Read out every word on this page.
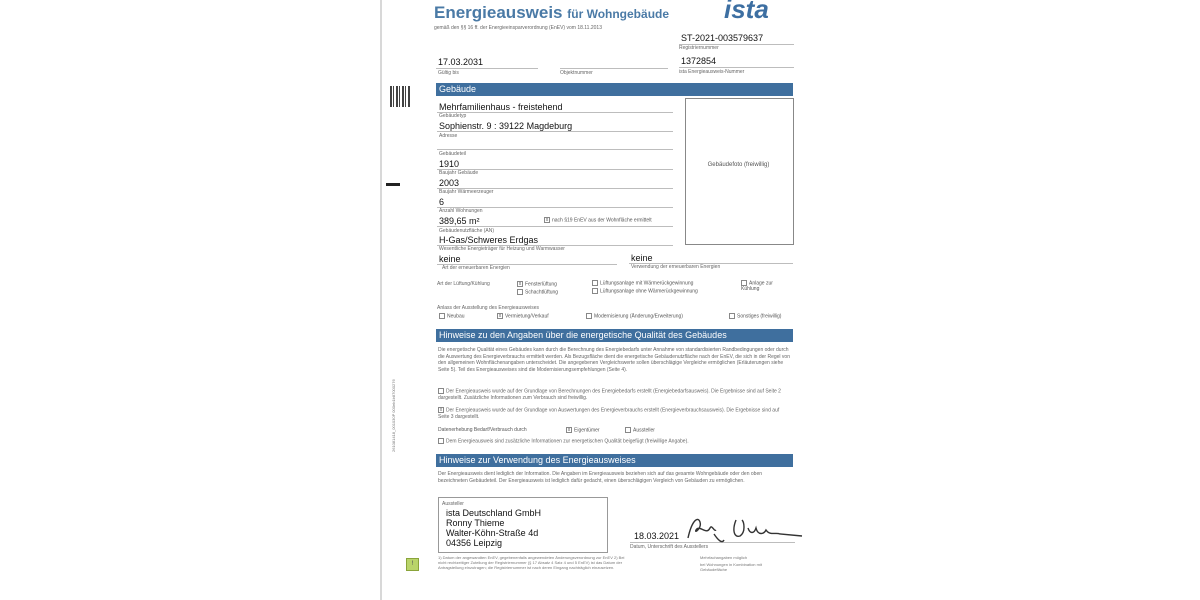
261081418_001030P 000eb1b87000276
!
Energieausweis für Wohngebäude ista
gemäß den §§ 16 ff. der Energieeinsparverordnung (EnEV) vom 18.11.2013
ST-2021-003579637
Registriernummer
17.03.2031
Gültig bis	Objektnummer
1372854
ista Energieausweis-Nummer
Gebäude
Mehrfamilienhaus - freistehend
Gebäudetyp
Sophienstr. 9 : 39122 Magdeburg
Adresse
Gebäudeteil
1910
Baujahr Gebäude
2003
Baujahr Wärmeerzeuger
6
Anzahl Wohnungen
389,65 m²	x nach §19 EnEV aus der Wohnfläche ermittelt
Gebäudenutzfläche (AN)
H-Gas/Schweres Erdgas
Wesentliche Energieträger für Heizung und Warmwasser
keine
Art der erneuerbaren Energien
keine
Verwendung der erneuerbaren Energien
Gebäudefoto (freiwillig)
Art der Lüftung/Kühlung	x Fensterlüftung
Schachtlüftung
Lüftungsanlage mit Wärmerückgewinnung
Lüftungsanlage ohne Wärmerückgewinnung
Anlage zur Kühlung
Anlass der Ausstellung des Energieausweises
Neubau	x Vermietung/Verkauf	Modernisierung (Änderung/Erweiterung)	Sonstiges (freiwillig)
Hinweise zu den Angaben über die energetische Qualität des Gebäudes
Die energetische Qualität eines Gebäudes kann durch die Berechnung des Energiebedarfs unter Annahme von standardisierten Randbedingungen oder durch die Auswertung des Energieverbrauchs ermittelt werden. Als Bezugsfläche dient die energetische Gebäudenutzfläche nach der EnEV, die sich in der Regel von den allgemeinen Wohnflächenangaben unterscheidet. Die angegebenen Vergleichswerte sollen überschlägige Vergleiche ermöglichen (Erläuterungen siehe Seite 5). Teil des Energieausweises sind die Modernisierungsempfehlungen (Seite 4).
Der Energieausweis wurde auf der Grundlage von Berechnungen des Energiebedarfs erstellt (Energiebedarfsausweis). Die Ergebnisse sind auf Seite 2 dargestellt. Zusätzliche Informationen zum Verbrauch sind freiwillig.
x Der Energieausweis wurde auf der Grundlage von Auswertungen des Energieverbrauchs erstellt (Energieverbrauchsausweis). Die Ergebnisse sind auf Seite 3 dargestellt.
Datenerhebung Bedarf/Verbrauch durch	x Eigentümer	Aussteller
Dem Energieausweis sind zusätzliche Informationen zur energetischen Qualität beigefügt (freiwillige Angabe).
Hinweise zur Verwendung des Energieausweises
Der Energieausweis dient lediglich der Information. Die Angaben im Energieausweis beziehen sich auf das gesamte Wohngebäude oder den oben bezeichneten Gebäudeteil. Der Energieausweis ist lediglich dafür gedacht, einen überschlägigen Vergleich von Gebäuden zu ermöglichen.
Aussteller
ista Deutschland GmbH
Ronny Thieme
Walter-Köhn-Straße 4d
04356 Leipzig
18.03.2021
Datum, Unterschrift des Ausstellers
1) Datum der angewandten EnEV, gegebenenfalls angewendeten Änderungsverordnung zur EnEV 2) Bei nicht rechtzeitiger Zuteilung der Registriernummer (§ 17 Absatz 4 Satz 4 und 5 EnEV) ist das Datum der Antragstellung einzutragen; die Registriernummer ist nach deren Eingang nachträglich einzusetzen.
Mehrfachangaben möglich
bei Wohnungen in Kombination mit Gebäudefläche
